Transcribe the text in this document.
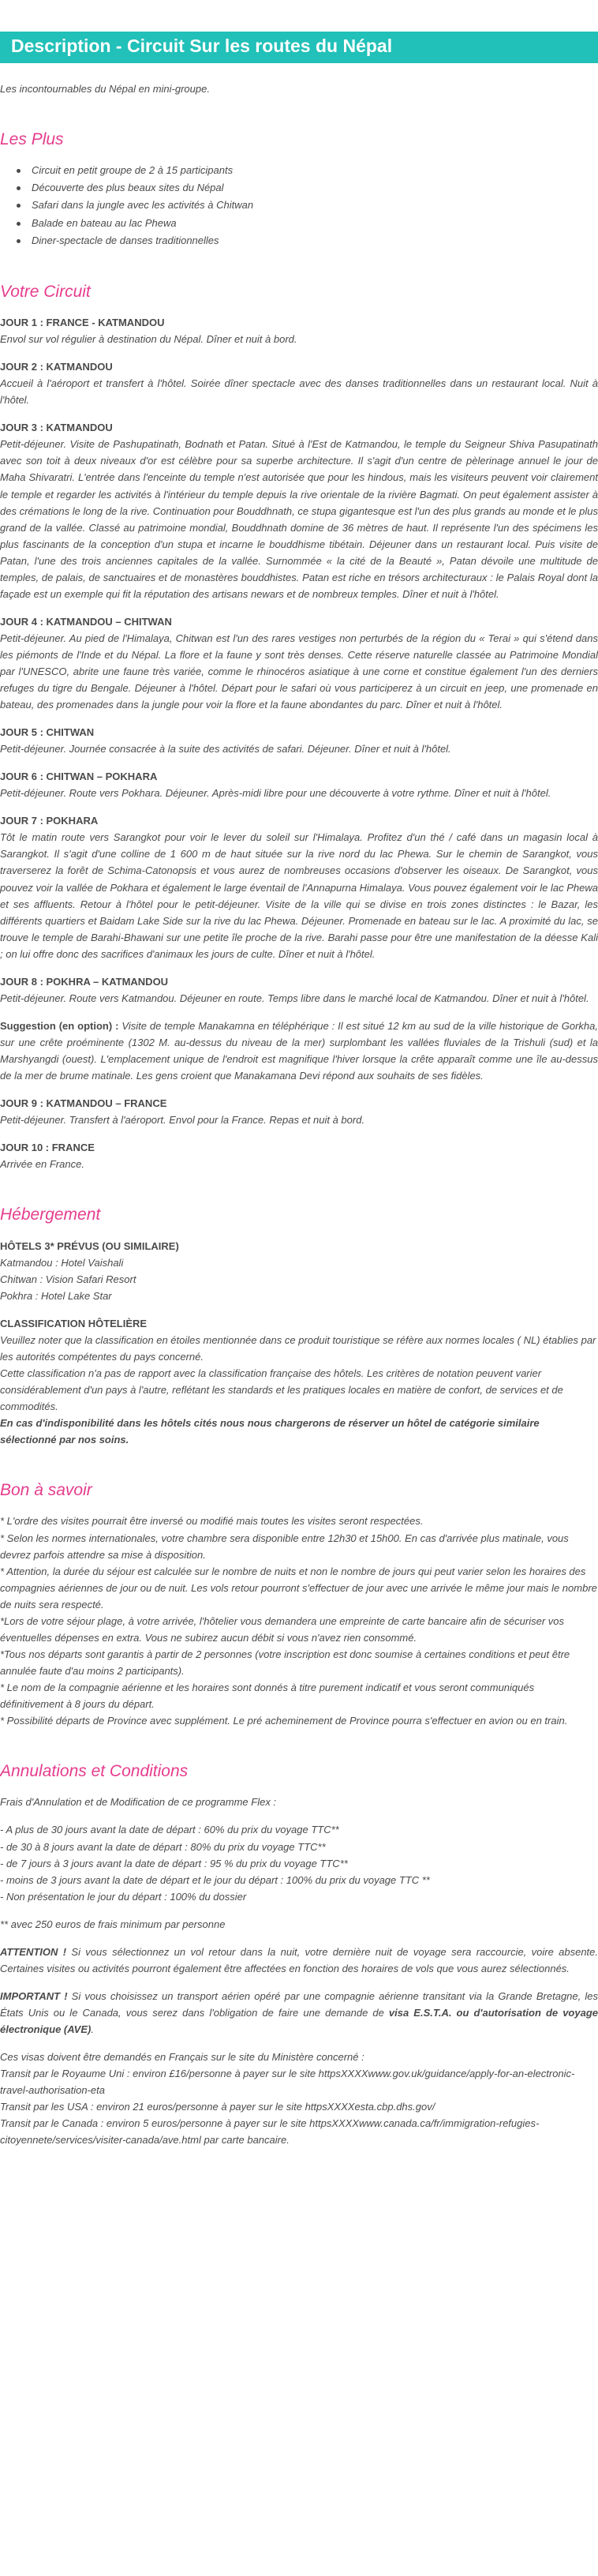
Description - Circuit Sur les routes du Népal

Les incontournables du Népal en mini-groupe.

Les Plus
Circuit en petit groupe de 2 à 15 participants
Découverte des plus beaux sites du Népal
Safari dans la jungle avec les activités à Chitwan
Balade en bateau au lac Phewa
Diner-spectacle de danses traditionnelles
Votre Circuit
JOUR 1 : FRANCE - KATMANDOU
Envol sur vol régulier à destination du Népal. Dîner et nuit à bord.
JOUR 2 : KATMANDOU
Accueil à l'aéroport et transfert à l'hôtel. Soirée dîner spectacle avec des danses traditionnelles dans un restaurant local. Nuit à l'hôtel.
JOUR 3 : KATMANDOU
Petit-déjeuner. Visite de Pashupatinath, Bodnath et Patan. Situé à l'Est de Katmandou, le temple du Seigneur Shiva Pasupatinath avec son toit à deux niveaux d'or est célèbre pour sa superbe architecture. Il s'agit d'un centre de pèlerinage annuel le jour de Maha Shivaratri. L'entrée dans l'enceinte du temple n'est autorisée que pour les hindous, mais les visiteurs peuvent voir clairement le temple et regarder les activités à l'intérieur du temple depuis la rive orientale de la rivière Bagmati. On peut également assister à des crémations le long de la rive. Continuation pour Bouddhnath, ce stupa gigantesque est l'un des plus grands au monde et le plus grand de la vallée. Classé au patrimoine mondial, Bouddhnath domine de 36 mètres de haut. Il représente l'un des spécimens les plus fascinants de la conception d'un stupa et incarne le bouddhisme tibétain. Déjeuner dans un restaurant local. Puis visite de Patan, l'une des trois anciennes capitales de la vallée. Surnommée « la cité de la Beauté », Patan dévoile une multitude de temples, de palais, de sanctuaires et de monastères bouddhistes. Patan est riche en trésors architecturaux : le Palais Royal dont la façade est un exemple qui fit la réputation des artisans newars et de nombreux temples. Dîner et nuit à l'hôtel.
JOUR 4 : KATMANDOU – CHITWAN
Petit-déjeuner. Au pied de l'Himalaya, Chitwan est l'un des rares vestiges non perturbés de la région du « Terai » qui s'étend dans les piémonts de l'Inde et du Népal. La flore et la faune y sont très denses. Cette réserve naturelle classée au Patrimoine Mondial par l'UNESCO, abrite une faune très variée, comme le rhinocéros asiatique à une corne et constitue également l'un des derniers refuges du tigre du Bengale. Déjeuner à l'hôtel. Départ pour le safari où vous participerez à un circuit en jeep, une promenade en bateau, des promenades dans la jungle pour voir la flore et la faune abondantes du parc. Dîner et nuit à l'hôtel.
JOUR 5 : CHITWAN
Petit-déjeuner. Journée consacrée à la suite des activités de safari. Déjeuner. Dîner et nuit à l'hôtel.
JOUR 6 : CHITWAN – POKHARA
Petit-déjeuner. Route vers Pokhara. Déjeuner. Après-midi libre pour une découverte à votre rythme. Dîner et nuit à l'hôtel.
JOUR 7 : POKHARA
Tôt le matin route vers Sarangkot pour voir le lever du soleil sur l'Himalaya. Profitez d'un thé / café dans un magasin local à Sarangkot. Il s'agit d'une colline de 1 600 m de haut située sur la rive nord du lac Phewa. Sur le chemin de Sarangkot, vous traverserez la forêt de Schima-Catonopsis et vous aurez de nombreuses occasions d'observer les oiseaux. De Sarangkot, vous pouvez voir la vallée de Pokhara et également le large éventail de l'Annapurna Himalaya. Vous pouvez également voir le lac Phewa et ses affluents. Retour à l'hôtel pour le petit-déjeuner. Visite de la ville qui se divise en trois zones distinctes : le Bazar, les différents quartiers et Baidam Lake Side sur la rive du lac Phewa. Déjeuner. Promenade en bateau sur le lac. A proximité du lac, se trouve le temple de Barahi-Bhawani sur une petite île proche de la rive. Barahi passe pour être une manifestation de la déesse Kali ; on lui offre donc des sacrifices d'animaux les jours de culte. Dîner et nuit à l'hôtel.
JOUR 8 : POKHRA – KATMANDOU
Petit-déjeuner. Route vers Katmandou. Déjeuner en route. Temps libre dans le marché local de Katmandou. Dîner et nuit à l'hôtel.

Suggestion (en option) : Visite de temple Manakamna en téléphérique : Il est situé 12 km au sud de la ville historique de Gorkha, sur une crête proéminente (1302 M. au-dessus du niveau de la mer) surplombant les vallées fluviales de la Trishuli (sud) et la Marshyangdi (ouest). L'emplacement unique de l'endroit est magnifique l'hiver lorsque la crête apparaît comme une île au-dessus de la mer de brume matinale. Les gens croient que Manakamana Devi répond aux souhaits de ses fidèles.

JOUR 9 : KATMANDOU – FRANCE
Petit-déjeuner. Transfert à l'aéroport. Envol pour la France. Repas et nuit à bord.
JOUR 10 : FRANCE
Arrivée en France.
Hébergement
HÔTELS 3* PRÉVUS (OU SIMILAIRE)
Katmandou : Hotel Vaishali
Chitwan : Vision Safari Resort
Pokhra : Hotel Lake Star
CLASSIFICATION HÔTELIÈRE
Veuillez noter que la classification en étoiles mentionnée dans ce produit touristique se réfère aux normes locales ( NL) établies par les autorités compétentes du pays concerné.
Cette classification n'a pas de rapport avec la classification française des hôtels. Les critères de notation peuvent varier considérablement d'un pays à l'autre, reflétant les standards et les pratiques locales en matière de confort, de services et de commodités.
En cas d'indisponibilité dans les hôtels cités nous nous chargerons de réserver un hôtel de catégorie similaire sélectionné par nos soins.
Bon à savoir
* L'ordre des visites pourrait être inversé ou modifié mais toutes les visites seront respectées.
* Selon les normes internationales, votre chambre sera disponible entre 12h30 et 15h00. En cas d'arrivée plus matinale, vous devrez parfois attendre sa mise à disposition.
* Attention, la durée du séjour est calculée sur le nombre de nuits et non le nombre de jours qui peut varier selon les horaires des compagnies aériennes de jour ou de nuit. Les vols retour pourront s'effectuer de jour avec une arrivée le même jour mais le nombre de nuits sera respecté.
*Lors de votre séjour plage, à votre arrivée, l'hôtelier vous demandera une empreinte de carte bancaire afin de sécuriser vos éventuelles dépenses en extra. Vous ne subirez aucun débit si vous n'avez rien consommé.
*Tous nos départs sont garantis à partir de 2 personnes (votre inscription est donc soumise à certaines conditions et peut être annulée faute d'au moins 2 participants).
* Le nom de la compagnie aérienne et les horaires sont donnés à titre purement indicatif et vous seront communiqués définitivement à 8 jours du départ.
* Possibilité départs de Province avec supplément. Le pré acheminement de Province pourra s'effectuer en avion ou en train.
Annulations et Conditions

Frais d'Annulation et de Modification de ce programme Flex :

- A plus de 30 jours avant la date de départ : 60% du prix du voyage TTC**
- de 30 à 8 jours avant la date de départ : 80% du prix du voyage TTC**
- de 7 jours à 3 jours avant la date de départ : 95 % du prix du voyage TTC**
- moins de 3 jours avant la date de départ et le jour du départ : 100% du prix du voyage TTC **
- Non présentation le jour du départ : 100% du dossier

** avec 250 euros de frais minimum par personne

ATTENTION ! Si vous sélectionnez un vol retour dans la nuit, votre dernière nuit de voyage sera raccourcie, voire absente. Certaines visites ou activités pourront également être affectées en fonction des horaires de vols que vous aurez sélectionnés.

IMPORTANT ! Si vous choisissez un transport aérien opéré par une compagnie aérienne transitant via la Grande Bretagne, les États Unis ou le Canada, vous serez dans l'obligation de faire une demande de visa E.S.T.A. ou d'autorisation de voyage électronique (AVE).

Ces visas doivent être demandés en Français sur le site du Ministère concerné :
Transit par le Royaume Uni : environ £16/personne à payer sur le site httpsXXXXwww.gov.uk/guidance/apply-for-an-electronic-travel-authorisation-eta
Transit par les USA : environ 21 euros/personne à payer sur le site httpsXXXXesta.cbp.dhs.gov/
Transit par le Canada : environ 5 euros/personne à payer sur le site httpsXXXXwww.canada.ca/fr/immigration-refugies-citoyennete/services/visiter-canada/ave.html par carte bancaire.
